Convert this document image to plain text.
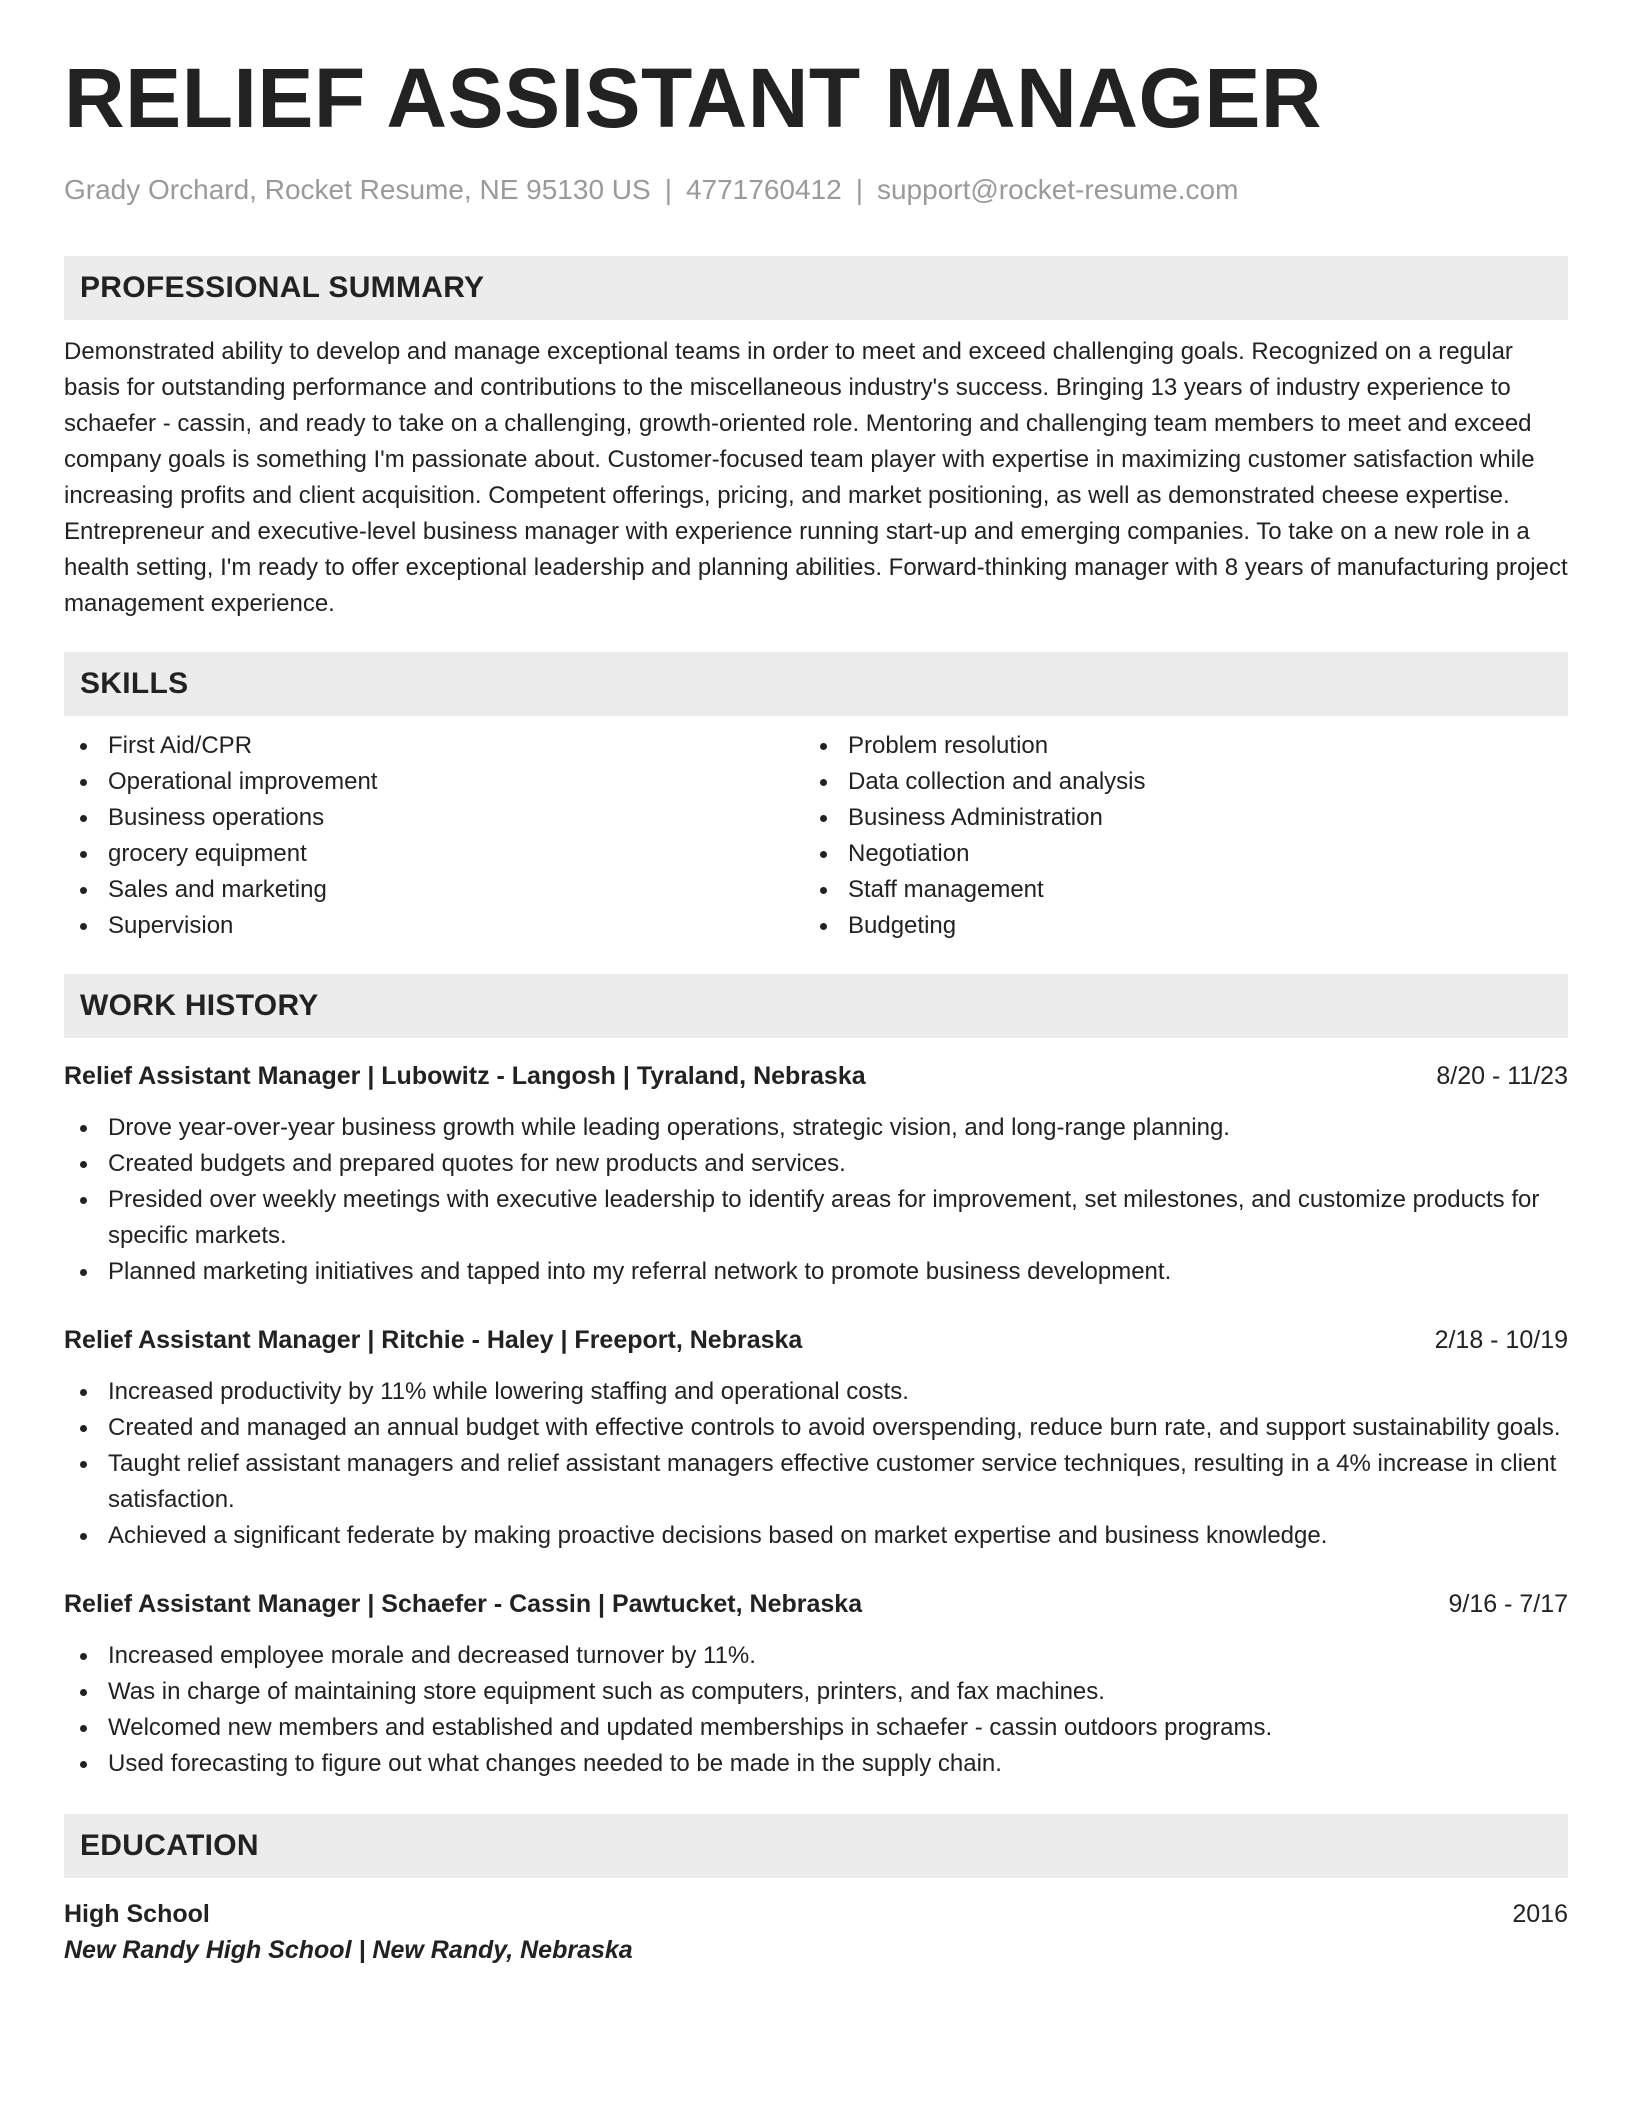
RELIEF ASSISTANT MANAGER
Grady Orchard, Rocket Resume, NE 95130 US | 4771760412 | support@rocket-resume.com
PROFESSIONAL SUMMARY

Demonstrated ability to develop and manage exceptional teams in order to meet and exceed challenging goals. Recognized on a regular basis for outstanding performance and contributions to the miscellaneous industry's success. Bringing 13 years of industry experience to schaefer - cassin, and ready to take on a challenging, growth-oriented role. Mentoring and challenging team members to meet and exceed company goals is something I'm passionate about. Customer-focused team player with expertise in maximizing customer satisfaction while increasing profits and client acquisition. Competent offerings, pricing, and market positioning, as well as demonstrated cheese expertise. Entrepreneur and executive-level business manager with experience running start-up and emerging companies. To take on a new role in a health setting, I'm ready to offer exceptional leadership and planning abilities. Forward-thinking manager with 8 years of manufacturing project management experience.

SKILLS
First Aid/CPR
Operational improvement
Business operations
grocery equipment
Sales and marketing
Supervision
Problem resolution
Data collection and analysis
Business Administration
Negotiation
Staff management
Budgeting
WORK HISTORY
Relief Assistant Manager | Lubowitz - Langosh | Tyraland, Nebraska	8/20 - 11/23
Drove year-over-year business growth while leading operations, strategic vision, and long-range planning.
Created budgets and prepared quotes for new products and services.
Presided over weekly meetings with executive leadership to identify areas for improvement, set milestones, and customize products for specific markets.
Planned marketing initiatives and tapped into my referral network to promote business development.
Relief Assistant Manager | Ritchie - Haley | Freeport, Nebraska	2/18 - 10/19
Increased productivity by 11% while lowering staffing and operational costs.
Created and managed an annual budget with effective controls to avoid overspending, reduce burn rate, and support sustainability goals.
Taught relief assistant managers and relief assistant managers effective customer service techniques, resulting in a 4% increase in client satisfaction.
Achieved a significant federate by making proactive decisions based on market expertise and business knowledge.
Relief Assistant Manager | Schaefer - Cassin | Pawtucket, Nebraska	9/16 - 7/17
Increased employee morale and decreased turnover by 11%.
Was in charge of maintaining store equipment such as computers, printers, and fax machines.
Welcomed new members and established and updated memberships in schaefer - cassin outdoors programs.
Used forecasting to figure out what changes needed to be made in the supply chain.
EDUCATION
High School	2016
New Randy High School | New Randy, Nebraska
